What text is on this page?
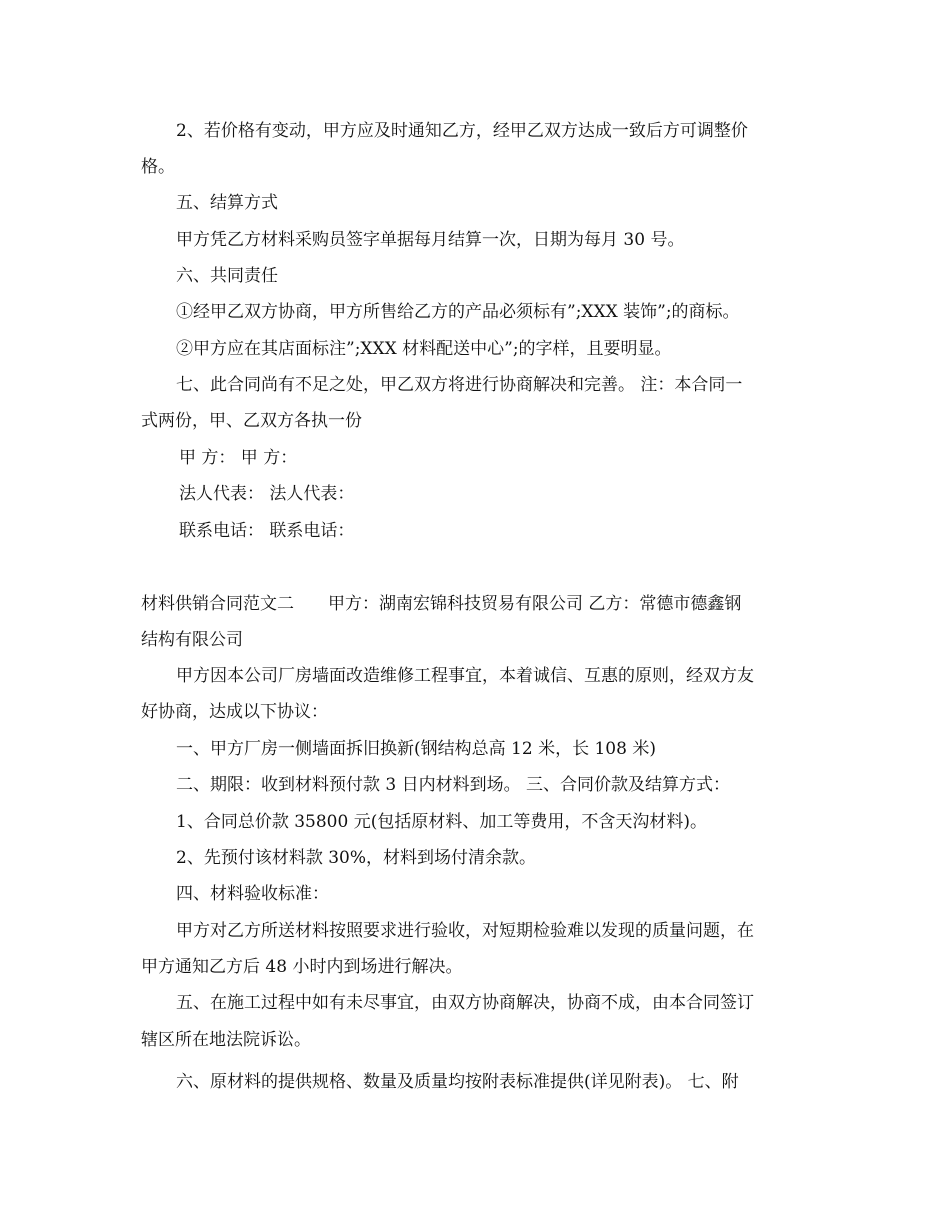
2、若价格有变动，甲方应及时通知乙方，经甲乙双方达成一致后方可调整价
格。
五、结算方式
甲方凭乙方材料采购员签字单据每月结算一次，日期为每月 30 号。
六、共同责任
①经甲乙双方协商，甲方所售给乙方的产品必须标有”;XXX 装饰”;的商标。
②甲方应在其店面标注”;XXX 材料配送中心”;的字样，且要明显。
七、此合同尚有不足之处，甲乙双方将进行协商解决和完善。 注：本合同一
式两份，甲、乙双方各执一份
甲 方： 甲 方：
法人代表： 法人代表：
联系电话： 联系电话：
材料供销合同范文二　　甲方：湖南宏锦科技贸易有限公司 乙方：常德市德鑫钢
结构有限公司
甲方因本公司厂房墙面改造维修工程事宜，本着诚信、互惠的原则，经双方友
好协商，达成以下协议：
一、甲方厂房一侧墙面拆旧换新(钢结构总高 12 米，长 108 米)
二、期限：收到材料预付款 3 日内材料到场。 三、合同价款及结算方式：
1、合同总价款 35800 元(包括原材料、加工等费用，不含天沟材料)。
2、先预付该材料款 30%，材料到场付清余款。
四、材料验收标准：
甲方对乙方所送材料按照要求进行验收，对短期检验难以发现的质量问题，在
甲方通知乙方后 48 小时内到场进行解决。
五、在施工过程中如有未尽事宜，由双方协商解决，协商不成，由本合同签订
辖区所在地法院诉讼。
六、原材料的提供规格、数量及质量均按附表标准提供(详见附表)。 七、附
